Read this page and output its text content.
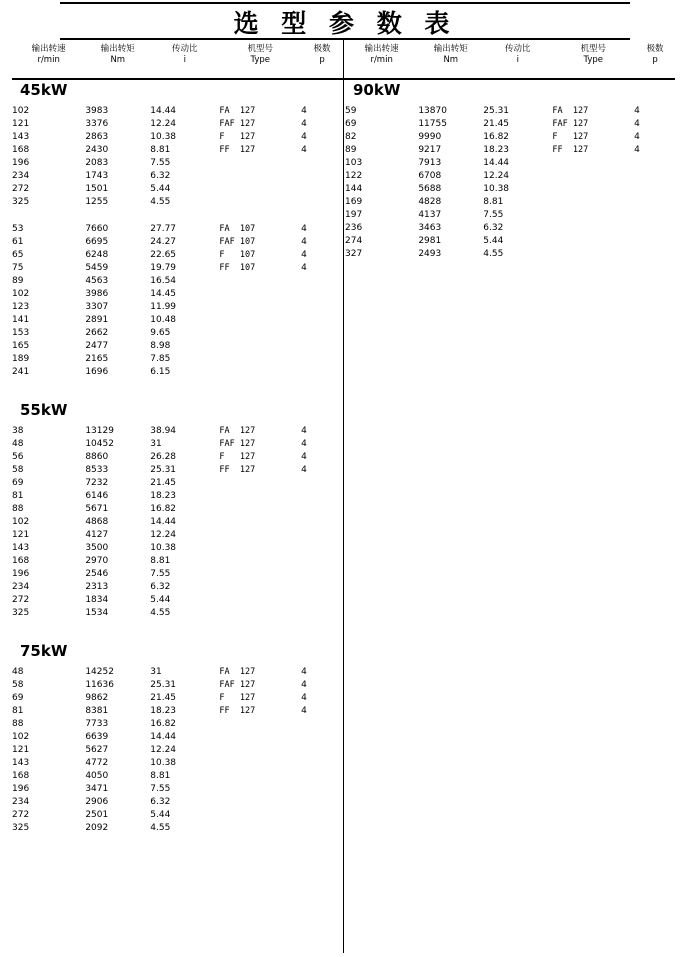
选 型 参 数 表
输出转速	输出转矩	传动比	机型号	极数
r/min	Nm	i	Type	p
45kW
102	3983	14.44	FA  127	4
121	3376	12.24	FAF 127	4
143	2863	10.38	F   127	4
168	2430	8.81	FF  127	4
196	2083	7.55		
234	1743	6.32		
272	1501	5.44		
325	1255	4.55		
53	7660	27.77	FA  107	4
61	6695	24.27	FAF 107	4
65	6248	22.65	F   107	4
75	5459	19.79	FF  107	4
89	4563	16.54		
102	3986	14.45		
123	3307	11.99		
141	2891	10.48		
153	2662	9.65		
165	2477	8.98		
189	2165	7.85		
241	1696	6.15		
55kW
38	13129	38.94	FA  127	4
48	10452	31	FAF 127	4
56	8860	26.28	F   127	4
58	8533	25.31	FF  127	4
69	7232	21.45		
81	6146	18.23		
88	5671	16.82		
102	4868	14.44		
121	4127	12.24		
143	3500	10.38		
168	2970	8.81		
196	2546	7.55		
234	2313	6.32		
272	1834	5.44		
325	1534	4.55		
75kW
48	14252	31	FA  127	4
58	11636	25.31	FAF 127	4
69	9862	21.45	F   127	4
81	8381	18.23	FF  127	4
88	7733	16.82		
102	6639	14.44		
121	5627	12.24		
143	4772	10.38		
168	4050	8.81		
196	3471	7.55		
234	2906	6.32		
272	2501	5.44		
325	2092	4.55		
输出转速	输出转矩	传动比	机型号	极数
r/min	Nm	i	Type	p
90kW
59	13870	25.31	FA  127	4
69	11755	21.45	FAF 127	4
82	9990	16.82	F   127	4
89	9217	18.23	FF  127	4
103	7913	14.44		
122	6708	12.24		
144	5688	10.38		
169	4828	8.81		
197	4137	7.55		
236	3463	6.32		
274	2981	5.44		
327	2493	4.55		
